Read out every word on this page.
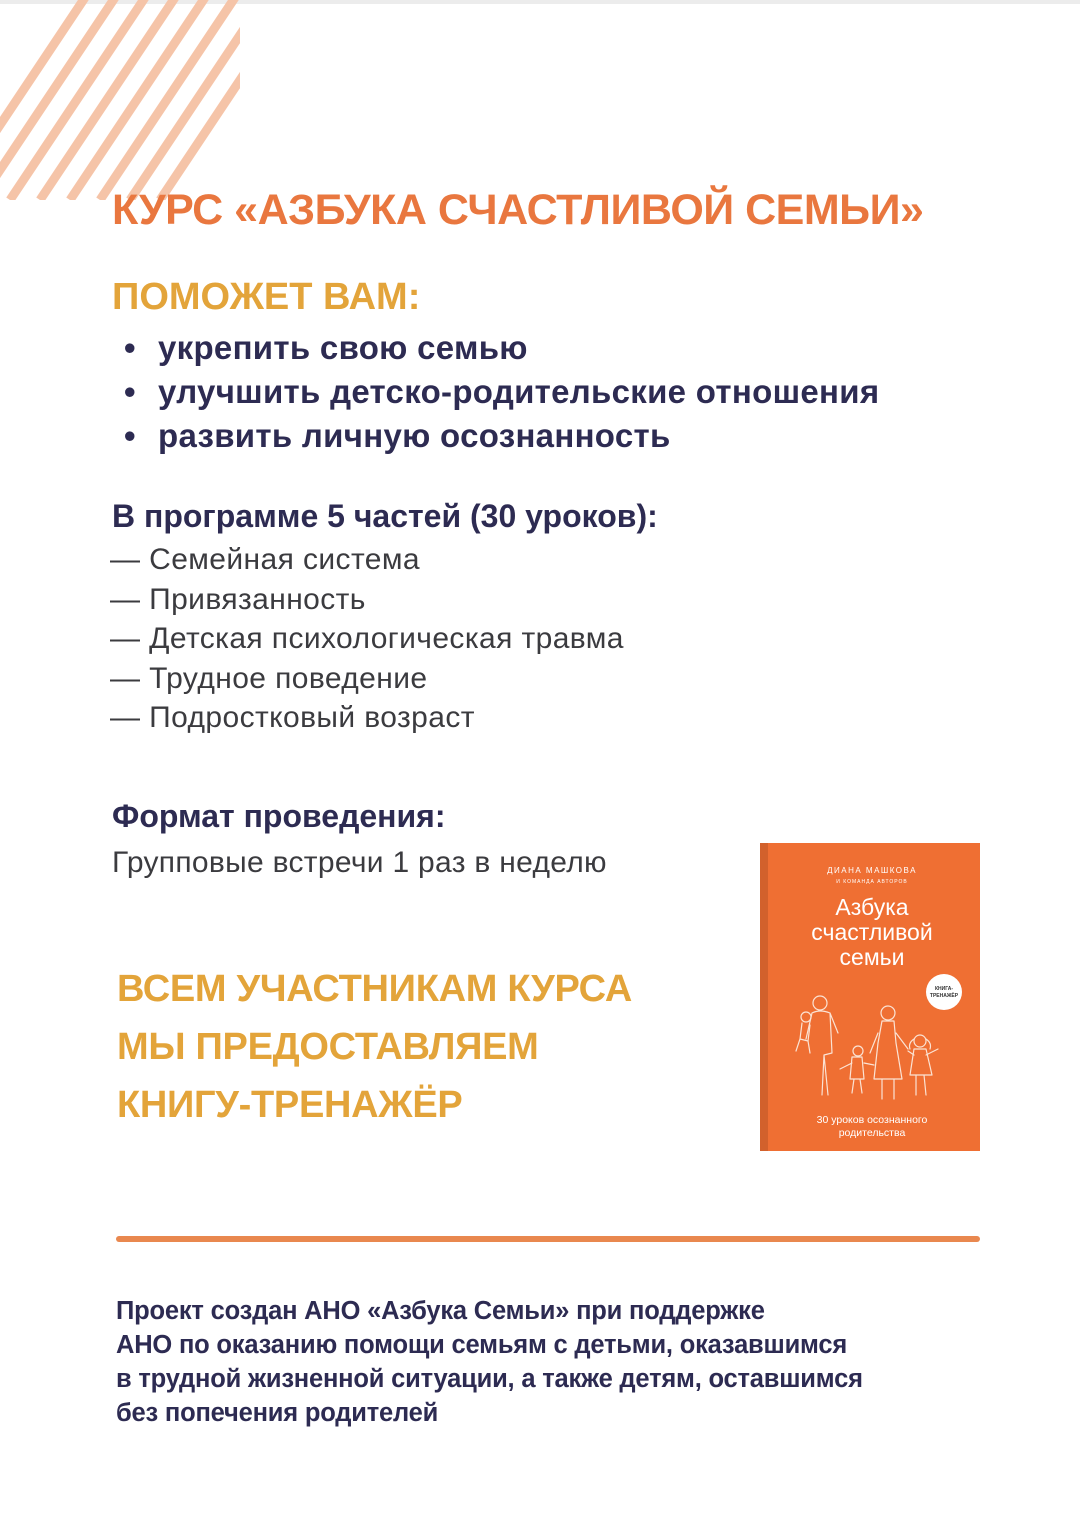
КУРС «АЗБУКА СЧАСТЛИВОЙ СЕМЬИ»
ПОМОЖЕТ ВАМ:
• укрепить свою семью
• улучшить детско-родительские отношения
• развить личную осознанность
В программе 5 частей (30 уроков):
— Семейная система
— Привязанность
— Детская психологическая травма
— Трудное поведение
— Подростковый возраст
Формат проведения:

Групповые встречи 1 раз в неделю

ВСЕМ УЧАСТНИКАМ КУРСА
МЫ ПРЕДОСТАВЛЯЕМ
КНИГУ-ТРЕНАЖЁР

ДИАНА МАШКОВА
И КОМАНДА АВТОРОВ
Азбука
счастливой
семьи
КНИГА-
ТРЕНАЖЁР
30 уроков осознанного
родительства

Проект создан АНО «Азбука Семьи» при поддержке
АНО по оказанию помощи семьям с детьми, оказавшимся
в трудной жизненной ситуации, а также детям, оставшимся
без попечения родителей
